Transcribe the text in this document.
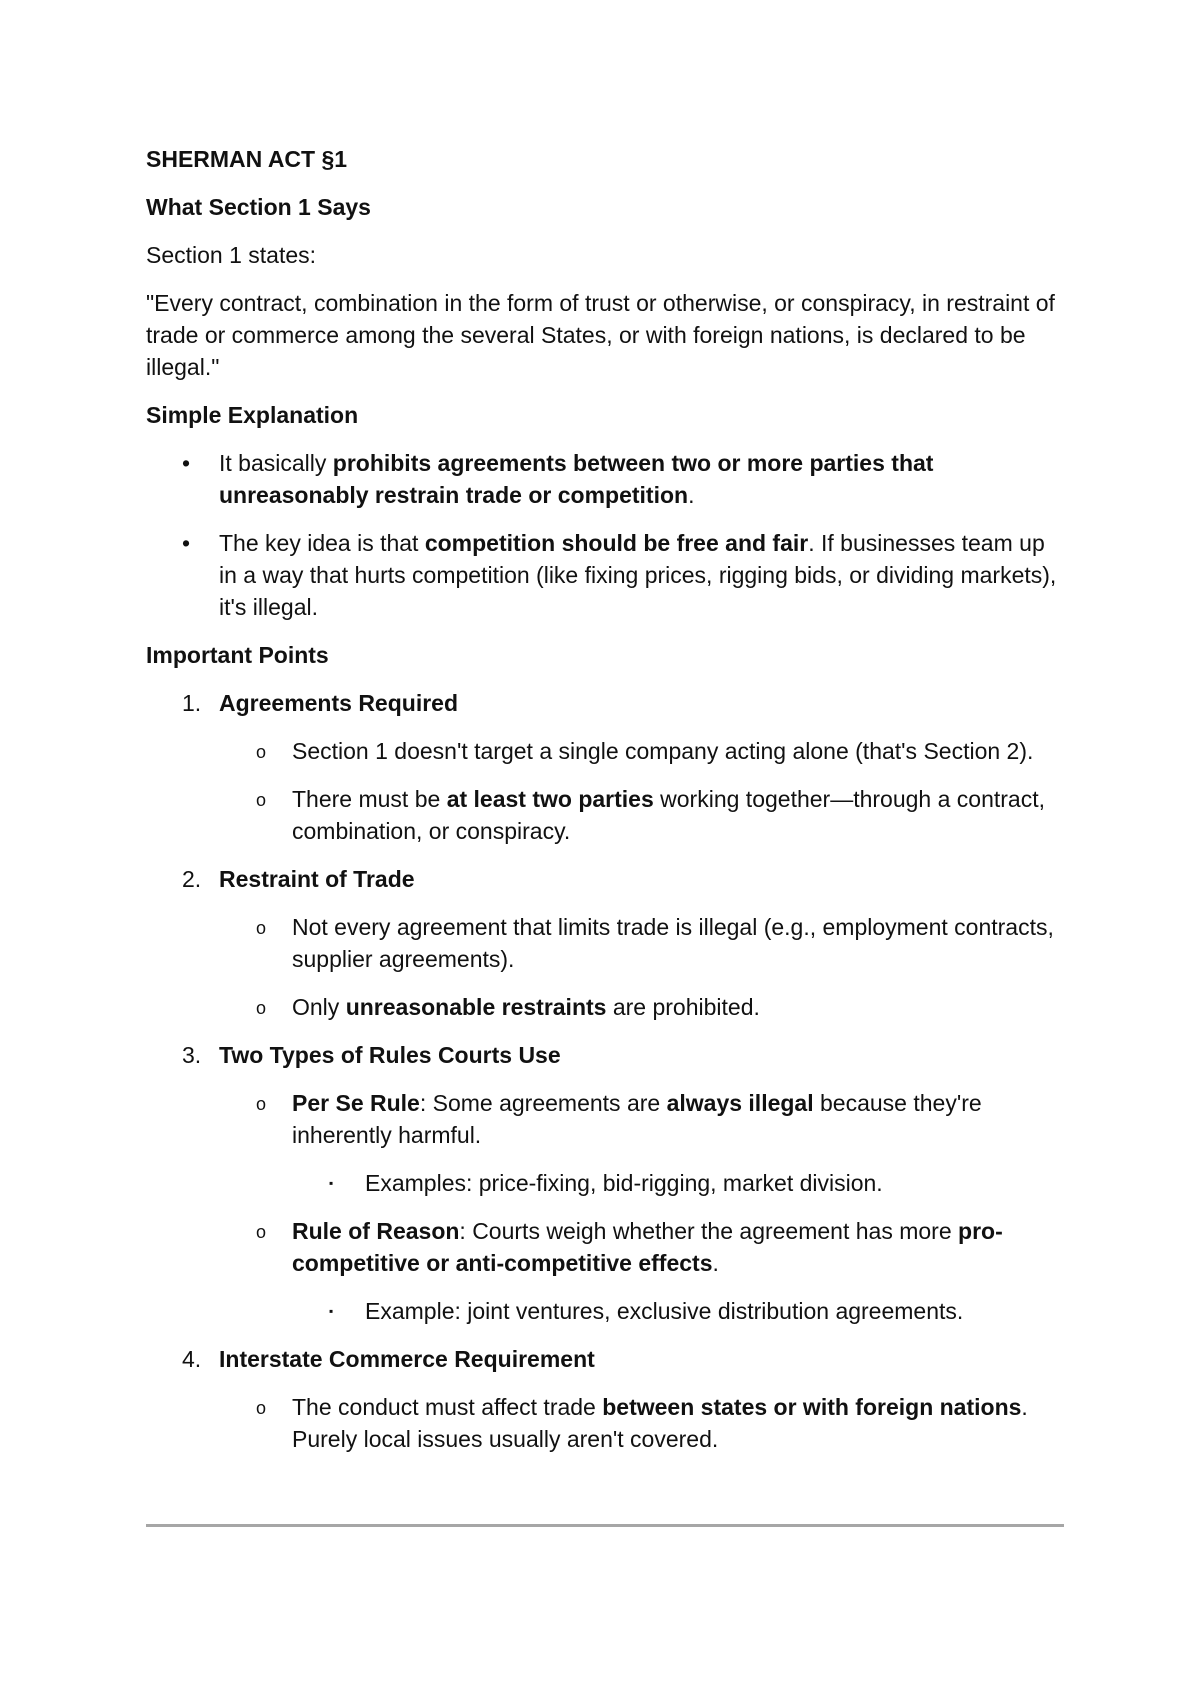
SHERMAN ACT §1

What Section 1 Says

Section 1 states:

"Every contract, combination in the form of trust or otherwise, or conspiracy, in restraint of trade or commerce among the several States, or with foreign nations, is declared to be illegal."

Simple Explanation

•	It basically prohibits agreements between two or more parties that unreasonably restrain trade or competition.
•	The key idea is that competition should be free and fair. If businesses team up in a way that hurts competition (like fixing prices, rigging bids, or dividing markets), it's illegal.

Important Points

1. Agreements Required
o Section 1 doesn't target a single company acting alone (that's Section 2).
o There must be at least two parties working together—through a contract, combination, or conspiracy.
2. Restraint of Trade
o Not every agreement that limits trade is illegal (e.g., employment contracts, supplier agreements).
o Only unreasonable restraints are prohibited.
3. Two Types of Rules Courts Use
o Per Se Rule: Some agreements are always illegal because they're inherently harmful.
▪ Examples: price-fixing, bid-rigging, market division.
o Rule of Reason: Courts weigh whether the agreement has more pro-competitive or anti-competitive effects.
▪ Example: joint ventures, exclusive distribution agreements.
4. Interstate Commerce Requirement
o The conduct must affect trade between states or with foreign nations. Purely local issues usually aren't covered.
